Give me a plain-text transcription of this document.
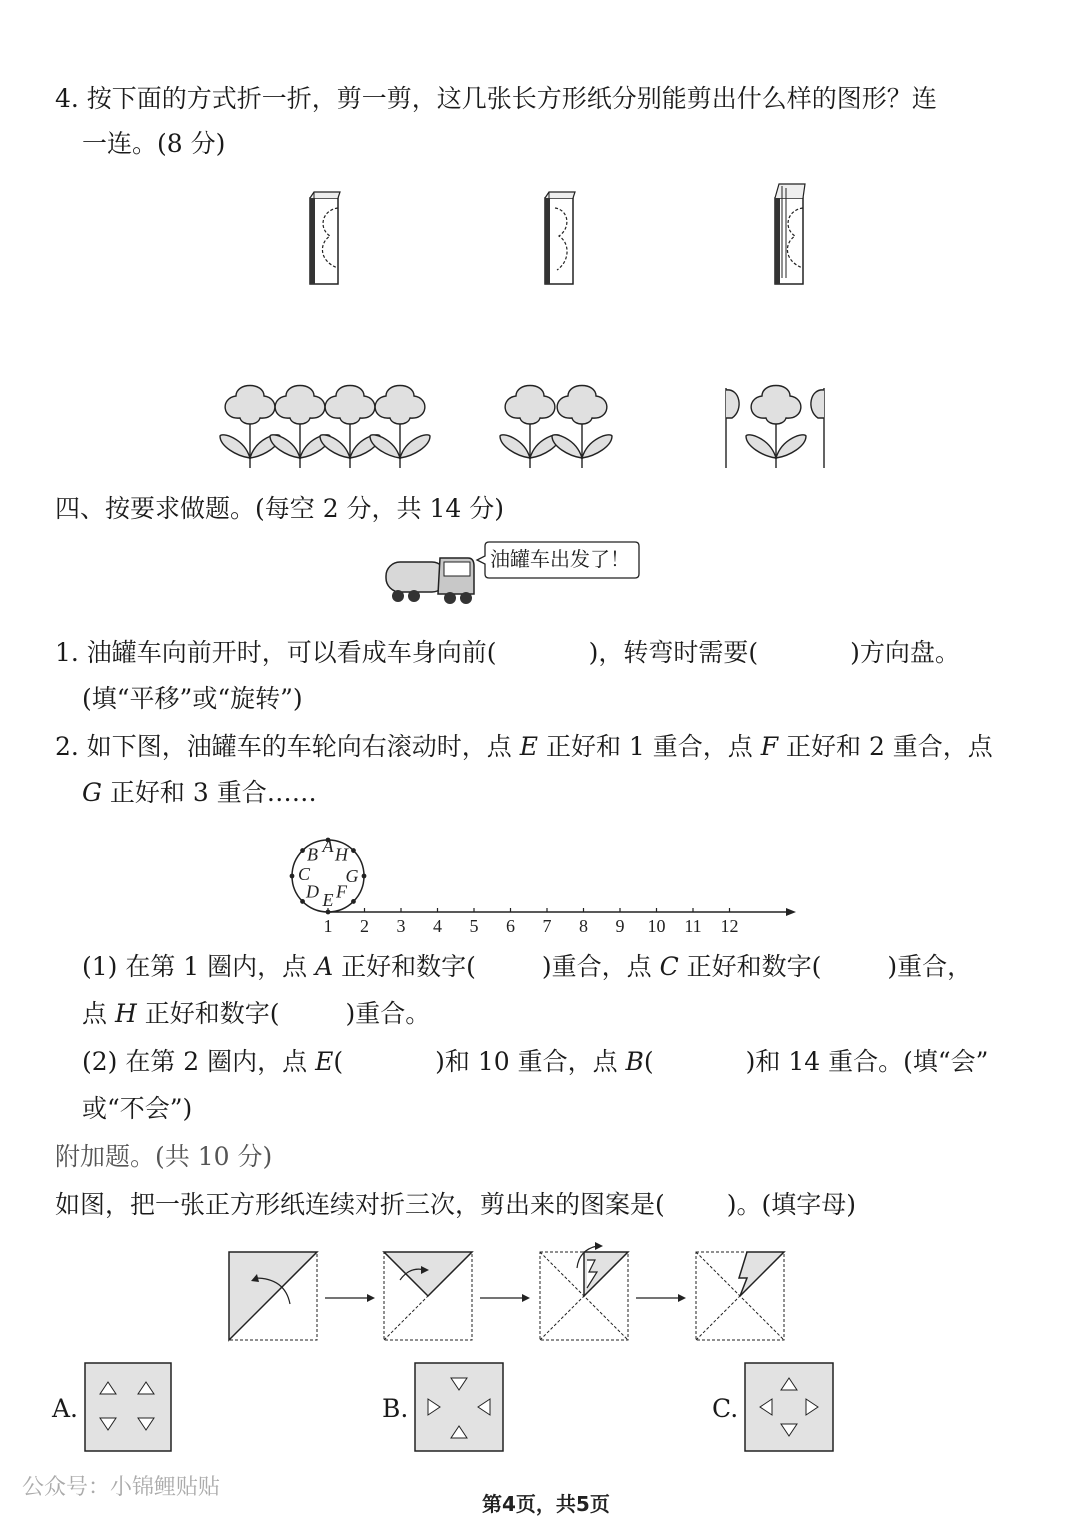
4. 按下面的方式折一折，剪一剪，这几张长方形纸分别能剪出什么样的图形？连
一连。(8 分)
四、按要求做题。(每空 2 分，共 14 分)
油罐车出发了！
1. 油罐车向前开时，可以看成车身向前(	)，转弯时需要(	)方向盘。
(填“平移”或“旋转”)
2. 如下图，油罐车的车轮向右滚动时，点 E 正好和 1 重合，点 F 正好和 2 重合，点
G 正好和 3 重合……
A
B
C
D E F
G
H
1 2 3 4 5 6 7 8 9 10 11 12
(1) 在第 1 圈内，点 A 正好和数字(	)重合，点 C 正好和数字(	)重合，
点 H 正好和数字(	)重合。
(2) 在第 2 圈内，点 E(	)和 10 重合，点 B(	)和 14 重合。(填“会”
或“不会”)
附加题。(共 10 分)
如图，把一张正方形纸连续对折三次，剪出来的图案是( )。(填字母)
A.	B.	C.
公众号：小锦鲤贴贴
第4页，共5页
